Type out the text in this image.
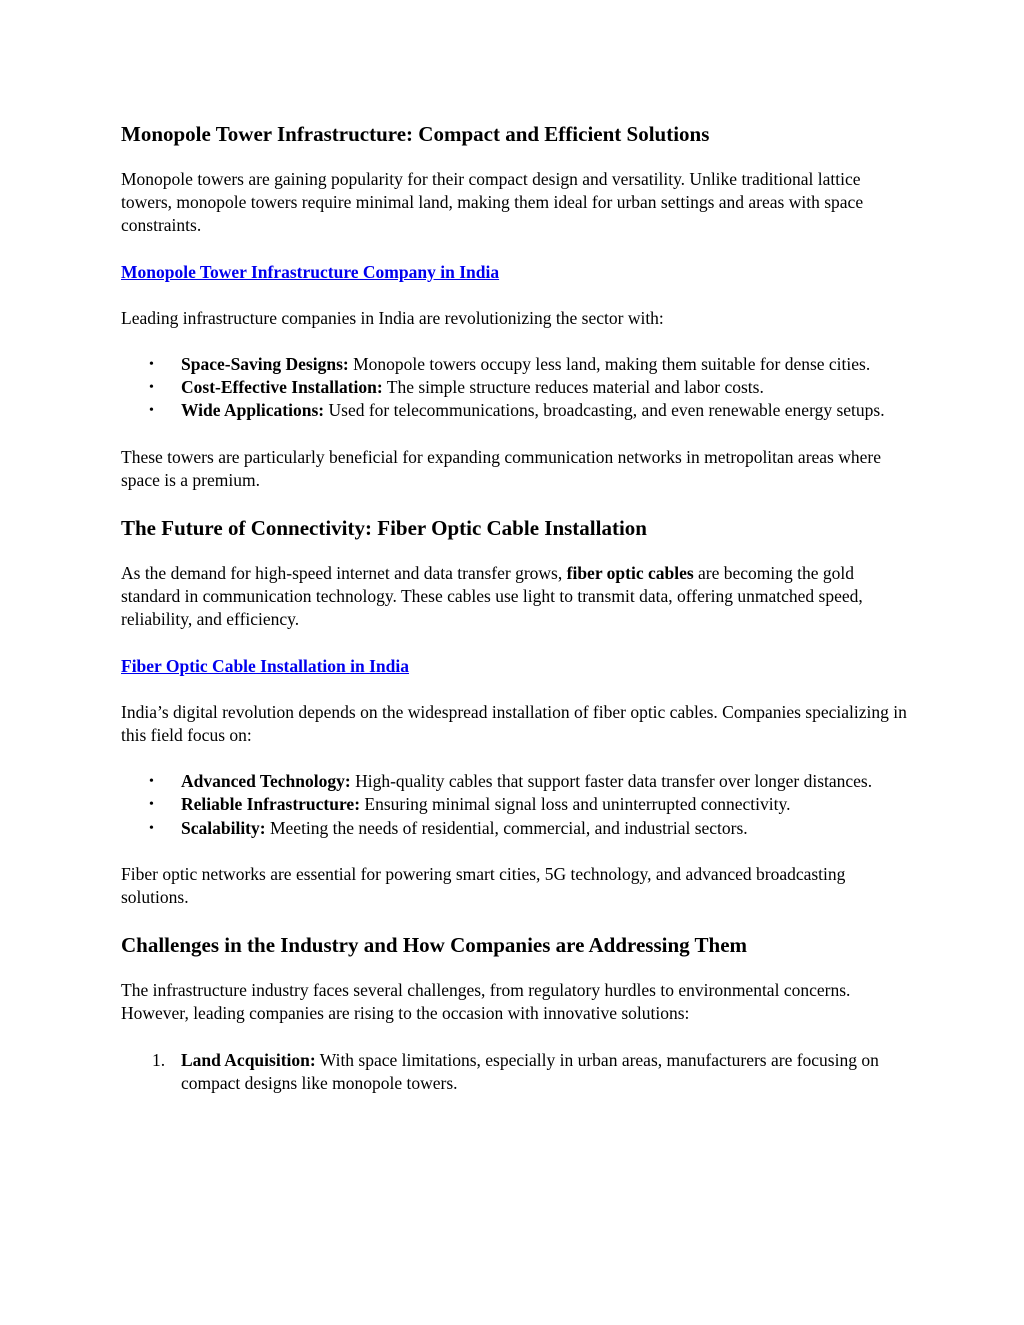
Monopole Tower Infrastructure: Compact and Efficient Solutions

Monopole towers are gaining popularity for their compact design and versatility. Unlike traditional lattice towers, monopole towers require minimal land, making them ideal for urban settings and areas with space constraints.

Monopole Tower Infrastructure Company in India

Leading infrastructure companies in India are revolutionizing the sector with:

•	Space-Saving Designs: Monopole towers occupy less land, making them suitable for dense cities.
•	Cost-Effective Installation: The simple structure reduces material and labor costs.
•	Wide Applications: Used for telecommunications, broadcasting, and even renewable energy setups.

These towers are particularly beneficial for expanding communication networks in metropolitan areas where space is a premium.

The Future of Connectivity: Fiber Optic Cable Installation

As the demand for high-speed internet and data transfer grows, fiber optic cables are becoming the gold standard in communication technology. These cables use light to transmit data, offering unmatched speed, reliability, and efficiency.

Fiber Optic Cable Installation in India

India’s digital revolution depends on the widespread installation of fiber optic cables. Companies specializing in this field focus on:

•	Advanced Technology: High-quality cables that support faster data transfer over longer distances.
•	Reliable Infrastructure: Ensuring minimal signal loss and uninterrupted connectivity.
•	Scalability: Meeting the needs of residential, commercial, and industrial sectors.

Fiber optic networks are essential for powering smart cities, 5G technology, and advanced broadcasting solutions.

Challenges in the Industry and How Companies are Addressing Them

The infrastructure industry faces several challenges, from regulatory hurdles to environmental concerns. However, leading companies are rising to the occasion with innovative solutions:

1. Land Acquisition: With space limitations, especially in urban areas, manufacturers are focusing on compact designs like monopole towers.
